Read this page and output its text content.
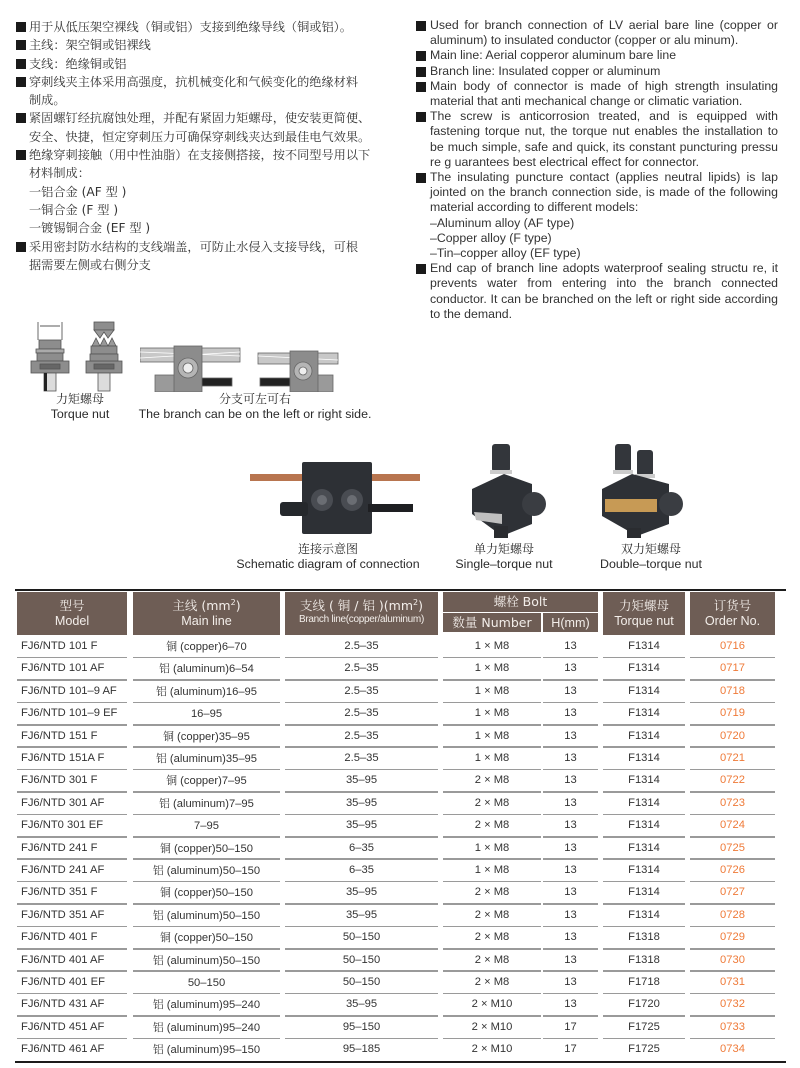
用于从低压架空裸线（铜或铝）支接到绝缘导线（铜或铝）。
主线：架空铜或铝裸线
支线：绝缘铜或铝
穿刺线夹主体采用高强度，抗机械变化和气候变化的绝缘材料
制成。
紧固螺钉经抗腐蚀处理，并配有紧固力矩螺母，使安装更简便、
安全、快捷，恒定穿刺压力可确保穿刺线夹达到最佳电气效果。
绝缘穿刺接触（用中性油脂）在支接侧搭接，按不同型号用以下
材料制成：
一铝合金 (AF 型 )
一铜合金 (F 型 )
一镀锡铜合金 (EF 型 )
采用密封防水结构的支线端盖，可防止水侵入支接导线，可根
据需要左侧或右侧分支
Used for branch connection of LV aerial bare line (copper or aluminum) to insulated conductor (copper or alu minum).
Main line: Aerial copperor aluminum bare line
Branch line: Insulated copper or aluminum
Main body of connector is made of high strength insulating material that anti mechanical change or climatic variation.
The screw is anticorrosion treated, and is equipped with fastening torque nut, the torque nut enables the installation to be much simple, safe and quick, its constant puncturing pressu re g uarantees best electrical effect for connector.
The insulating puncture contact (applies neutral lipids) is lap jointed on the branch connection side, is made of the following material according to different models:
–Aluminum alloy (AF type)
–Copper alloy (F type)
–Tin–copper alloy (EF type)
End cap of branch line adopts waterproof sealing structu re, it prevents water from entering into the branch connected conductor. It can be branched on the left or right side according to the demand.
力矩螺母
Torque nut
分支可左可右
The branch can be on the left or right side.
连接示意图
Schematic diagram of connection
单力矩螺母
Single–torque nut
双力矩螺母
Double–torque nut
型号
Model
主线 $(mm^2)$
Main line
支线 ( 铜 / 铝 )$(mm^2)$
Branch line(copper/aluminum)
螺栓 Bolt
数量 Number	H(mm)
力矩螺母
Torque nut
订货号
Order No.
FJ6/NTD 101 F	铜 (copper)6–70	2.5–35	1 × M8	13	F1314	0716
FJ6/NTD 101 AF	铝 (aluminum)6–54	2.5–35	1 × M8	13	F1314	0717
FJ6/NTD 101–9 AF	铝 (aluminum)16–95	2.5–35	1 × M8	13	F1314	0718
FJ6/NTD 101–9 EF	16–95	2.5–35	1 × M8	13	F1314	0719
FJ6/NTD 151 F	铜 (copper)35–95	2.5–35	1 × M8	13	F1314	0720
FJ6/NTD 151A F	铝 (aluminum)35–95	2.5–35	1 × M8	13	F1314	0721
FJ6/NTD 301 F	铜 (copper)7–95	35–95	2 × M8	13	F1314	0722
FJ6/NTD 301 AF	铝 (aluminum)7–95	35–95	2 × M8	13	F1314	0723
FJ6/NT0 301 EF	7–95	35–95	2 × M8	13	F1314	0724
FJ6/NTD 241 F	铜 (copper)50–150	6–35	1 × M8	13	F1314	0725
FJ6/NTD 241 AF	铝 (aluminum)50–150	6–35	1 × M8	13	F1314	0726
FJ6/NTD 351 F	铜 (copper)50–150	35–95	2 × M8	13	F1314	0727
FJ6/NTD 351 AF	铝 (aluminum)50–150	35–95	2 × M8	13	F1314	0728
FJ6/NTD 401 F	铜 (copper)50–150	50–150	2 × M8	13	F1318	0729
FJ6/NTD 401 AF	铝 (aluminum)50–150	50–150	2 × M8	13	F1318	0730
FJ6/NTD 401 EF	50–150	50–150	2 × M8	13	F1718	0731
FJ6/NTD 431 AF	铝 (aluminum)95–240	35–95	2 × M10	13	F1720	0732
FJ6/NTD 451 AF	铝 (aluminum)95–240	95–150	2 × M10	17	F1725	0733
FJ6/NTD 461 AF	铝 (aluminum)95–150	95–185	2 × M10	17	F1725	0734
